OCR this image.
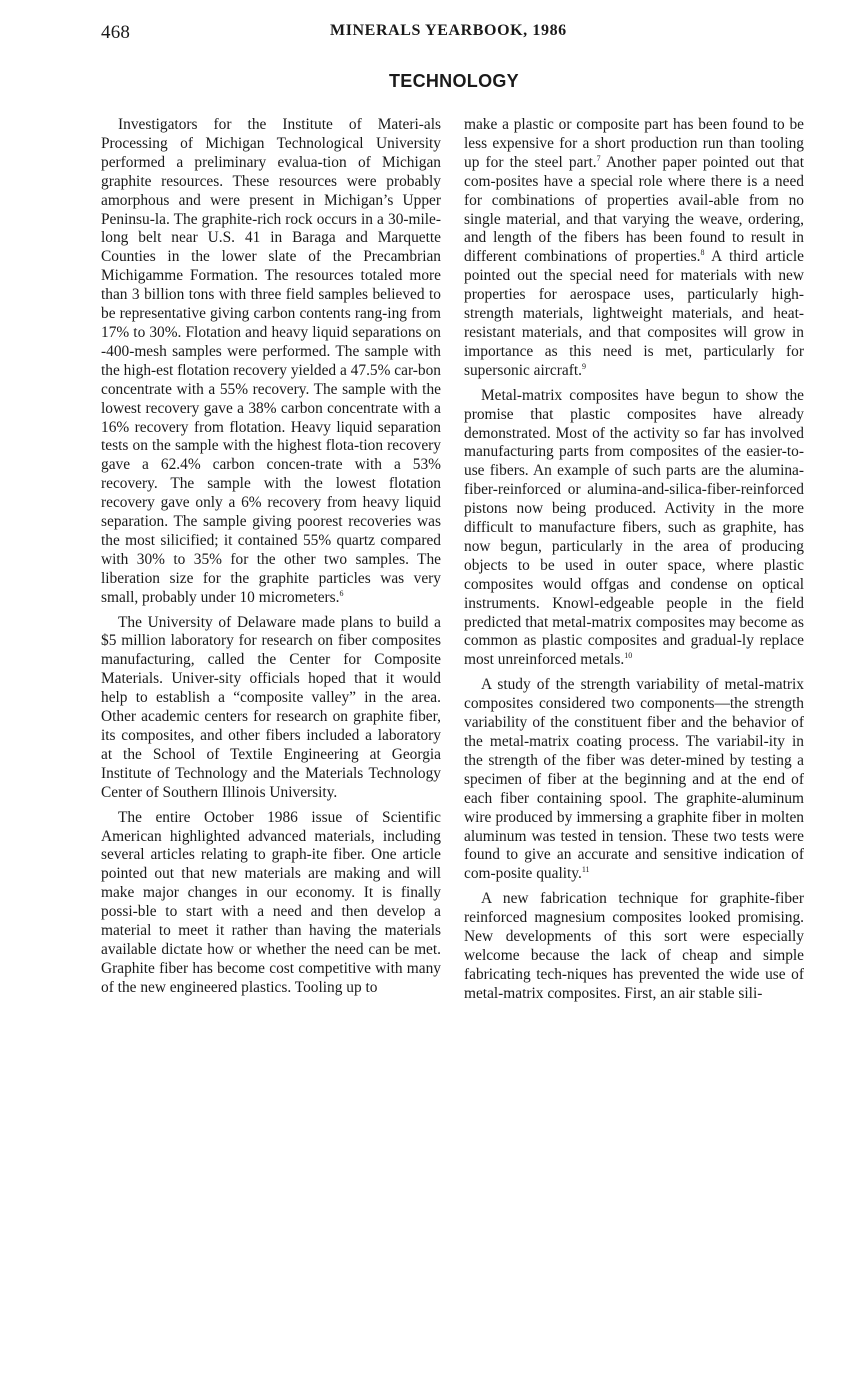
468	MINERALS YEARBOOK, 1986
TECHNOLOGY

Investigators for the Institute of Materi-als Processing of Michigan Technological University performed a preliminary evalua-tion of Michigan graphite resources. These resources were probably amorphous and were present in Michigan’s Upper Peninsu-la. The graphite-rich rock occurs in a 30-mile-long belt near U.S. 41 in Baraga and Marquette Counties in the lower slate of the Precambrian Michigamme Formation. The resources totaled more than 3 billion tons with three field samples believed to be representative giving carbon contents rang-ing from 17% to 30%. Flotation and heavy liquid separations on -400-mesh samples were performed. The sample with the high-est flotation recovery yielded a 47.5% car-bon concentrate with a 55% recovery. The sample with the lowest recovery gave a 38% carbon concentrate with a 16% recovery from flotation. Heavy liquid separation tests on the sample with the highest flota-tion recovery gave a 62.4% carbon concen-trate with a 53% recovery. The sample with the lowest flotation recovery gave only a 6% recovery from heavy liquid separation. The sample giving poorest recoveries was the most silicified; it contained 55% quartz compared with 30% to 35% for the other two samples. The liberation size for the graphite particles was very small, probably under 10 micrometers.$^6$

The University of Delaware made plans to build a $5 million laboratory for research on fiber composites manufacturing, called the Center for Composite Materials. Univer-sity officials hoped that it would help to establish a “composite valley” in the area. Other academic centers for research on graphite fiber, its composites, and other fibers included a laboratory at the School of Textile Engineering at Georgia Institute of Technology and the Materials Technology Center of Southern Illinois University.

The entire October 1986 issue of Scientific American highlighted advanced materials, including several articles relating to graph-ite fiber. One article pointed out that new materials are making and will make major changes in our economy. It is finally possi-ble to start with a need and then develop a material to meet it rather than having the materials available dictate how or whether the need can be met. Graphite fiber has become cost competitive with many of the new engineered plastics. Tooling up to

make a plastic or composite part has been found to be less expensive for a short production run than tooling up for the steel part.$^7$ Another paper pointed out that com-posites have a special role where there is a need for combinations of properties avail-able from no single material, and that varying the weave, ordering, and length of the fibers has been found to result in different combinations of properties.$^8$ A third article pointed out the special need for materials with new properties for aerospace uses, particularly high-strength materials, lightweight materials, and heat-resistant materials, and that composites will grow in importance as this need is met, particularly for supersonic aircraft.$^9$

Metal-matrix composites have begun to show the promise that plastic composites have already demonstrated. Most of the activity so far has involved manufacturing parts from composites of the easier-to-use fibers. An example of such parts are the alumina-fiber-reinforced or alumina-and-silica-fiber-reinforced pistons now being produced. Activity in the more difficult to manufacture fibers, such as graphite, has now begun, particularly in the area of producing objects to be used in outer space, where plastic composites would offgas and condense on optical instruments. Knowl-edgeable people in the field predicted that metal-matrix composites may become as common as plastic composites and gradual-ly replace most unreinforced metals.$^{10}$

A study of the strength variability of metal-matrix composites considered two components—the strength variability of the constituent fiber and the behavior of the metal-matrix coating process. The variabil-ity in the strength of the fiber was deter-mined by testing a specimen of fiber at the beginning and at the end of each fiber containing spool. The graphite-aluminum wire produced by immersing a graphite fiber in molten aluminum was tested in tension. These two tests were found to give an accurate and sensitive indication of com-posite quality.$^{11}$

A new fabrication technique for graphite-fiber reinforced magnesium composites looked promising. New developments of this sort were especially welcome because the lack of cheap and simple fabricating tech-niques has prevented the wide use of metal-matrix composites. First, an air stable sili-
